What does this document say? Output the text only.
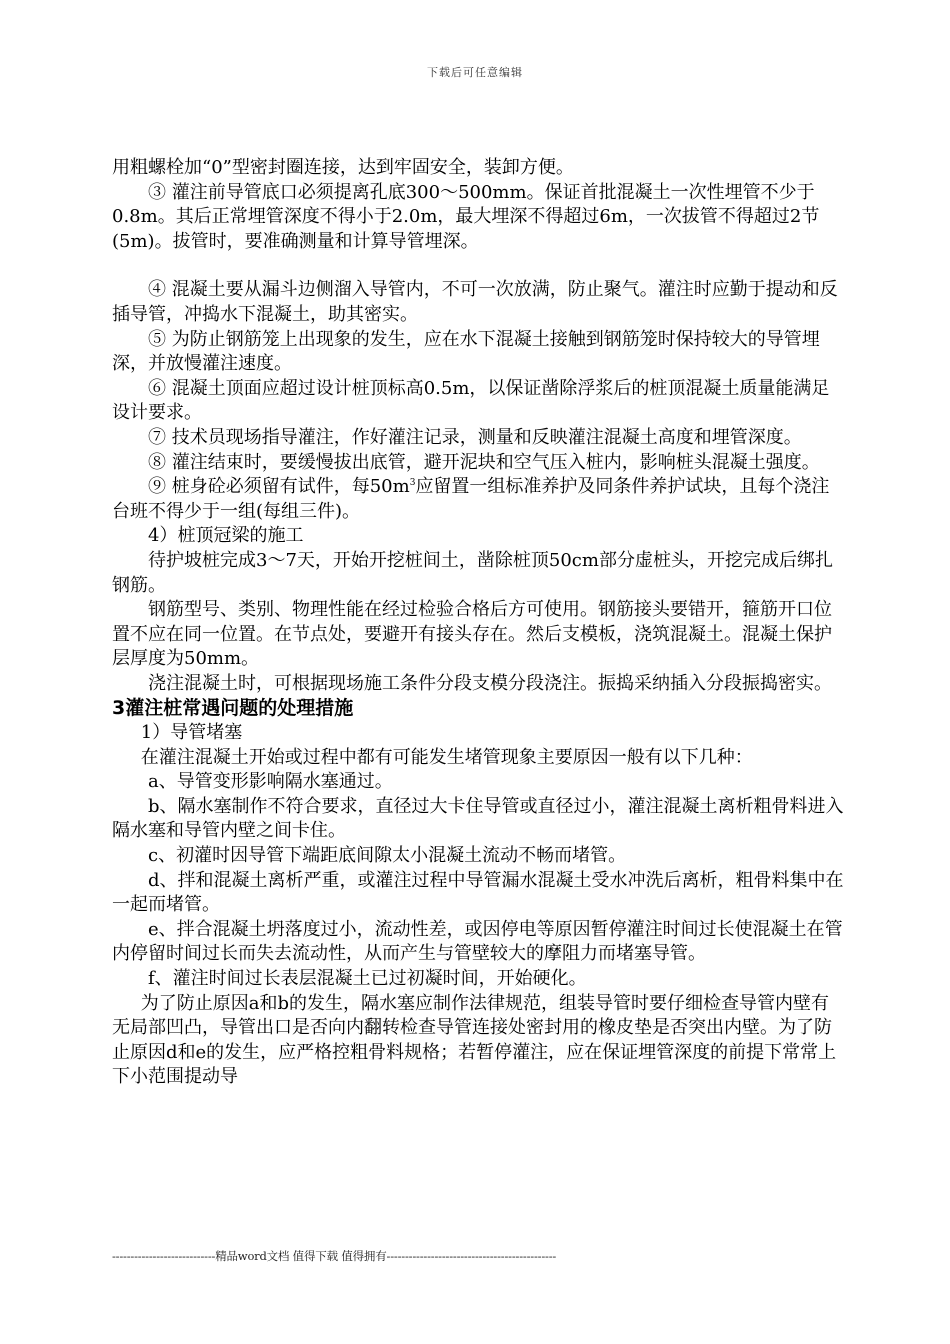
下载后可任意编辑

用粗螺栓加“0”型密封圈连接，达到牢固安全，装卸方便。

③ 灌注前导管底口必须提离孔底300～500mm。保证首批混凝土一次性埋管不少于0.8m。其后正常埋管深度不得小于2.0m，最大埋深不得超过6m，一次拔管不得超过2节(5m)。拔管时，要准确测量和计算导管埋深。

④ 混凝土要从漏斗边侧溜入导管内，不可一次放满，防止聚气。灌注时应勤于提动和反插导管，冲捣水下混凝土，助其密实。

⑤ 为防止钢筋笼上出现象的发生，应在水下混凝土接触到钢筋笼时保持较大的导管埋深，并放慢灌注速度。

⑥ 混凝土顶面应超过设计桩顶标高0.5m，以保证凿除浮浆后的桩顶混凝土质量能满足设计要求。

⑦ 技术员现场指导灌注，作好灌注记录，测量和反映灌注混凝土高度和埋管深度。

⑧ 灌注结束时，要缓慢拔出底管，避开泥块和空气压入桩内，影响桩头混凝土强度。

⑨ 桩身砼必须留有试件，每$50m^3$应留置一组标准养护及同条件养护试块，且每个浇注台班不得少于一组(每组三件)。

4）桩顶冠梁的施工

待护坡桩完成3～7天，开始开挖桩间土，凿除桩顶50cm部分虚桩头，开挖完成后绑扎钢筋。

钢筋型号、类别、物理性能在经过检验合格后方可使用。钢筋接头要错开，箍筋开口位置不应在同一位置。在节点处，要避开有接头存在。然后支模板，浇筑混凝土。混凝土保护层厚度为50mm。

浇注混凝土时，可根据现场施工条件分段支模分段浇注。振捣采纳插入分段振捣密实。

3灌注桩常遇问题的处理措施

1）导管堵塞

在灌注混凝土开始或过程中都有可能发生堵管现象主要原因一般有以下几种：

a、导管变形影响隔水塞通过。

b、隔水塞制作不符合要求，直径过大卡住导管或直径过小，灌注混凝土离析粗骨料进入隔水塞和导管内壁之间卡住。

c、初灌时因导管下端距底间隙太小混凝土流动不畅而堵管。

d、拌和混凝土离析严重，或灌注过程中导管漏水混凝土受水冲洗后离析，粗骨料集中在一起而堵管。

e、拌合混凝土坍落度过小，流动性差，或因停电等原因暂停灌注时间过长使混凝土在管内停留时间过长而失去流动性，从而产生与管壁较大的摩阻力而堵塞导管。

f、灌注时间过长表层混凝土已过初凝时间，开始硬化。

为了防止原因a和b的发生，隔水塞应制作法律规范，组装导管时要仔细检查导管内壁有无局部凹凸，导管出口是否向内翻转检查导管连接处密封用的橡皮垫是否突出内壁。为了防止原因d和e的发生，应严格控粗骨料规格；若暂停灌注，应在保证埋管深度的前提下常常上下小范围提动导

----------------------------精品word文档 值得下载 值得拥有----------------------------------------------
